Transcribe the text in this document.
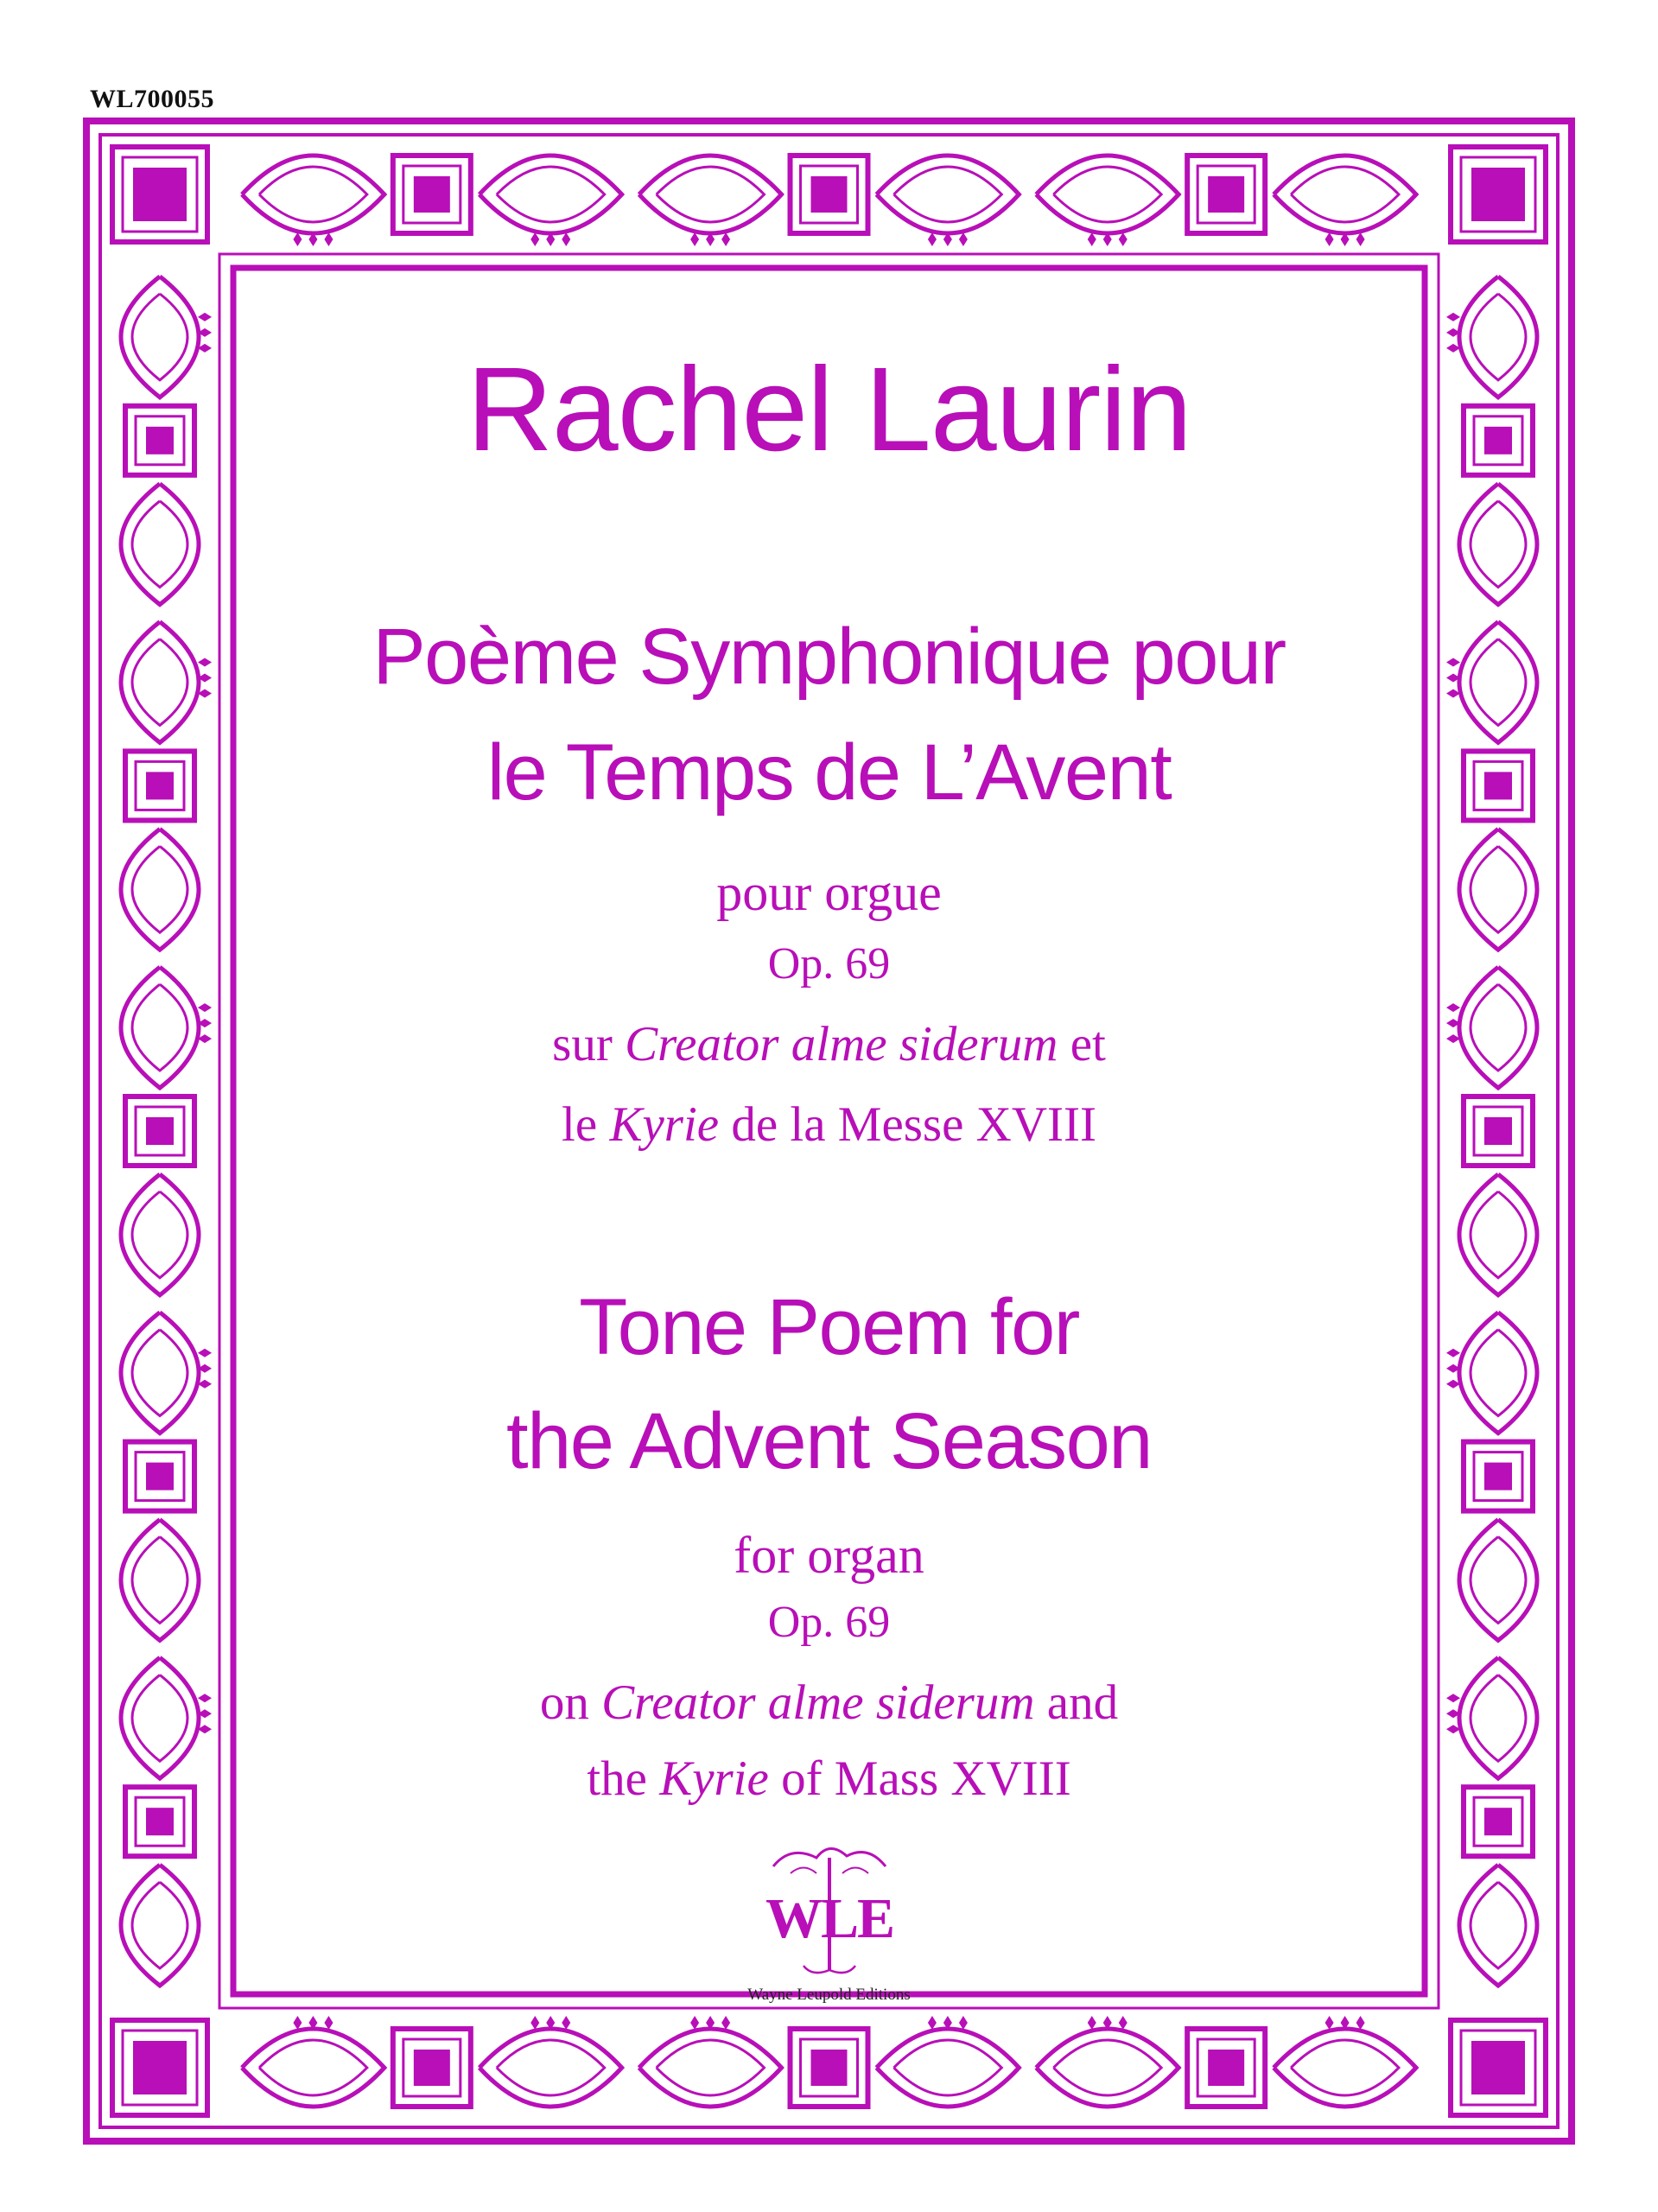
WL700055
Rachel Laurin
Poème Symphonique pour
le Temps de L’Avent
pour orgue
Op. 69
sur Creator alme siderum et
le Kyrie de la Messe XVIII
Tone Poem for
the Advent Season
for organ
Op. 69
on Creator alme siderum and
the Kyrie of Mass XVIII
WLE
Wayne Leupold Editions
